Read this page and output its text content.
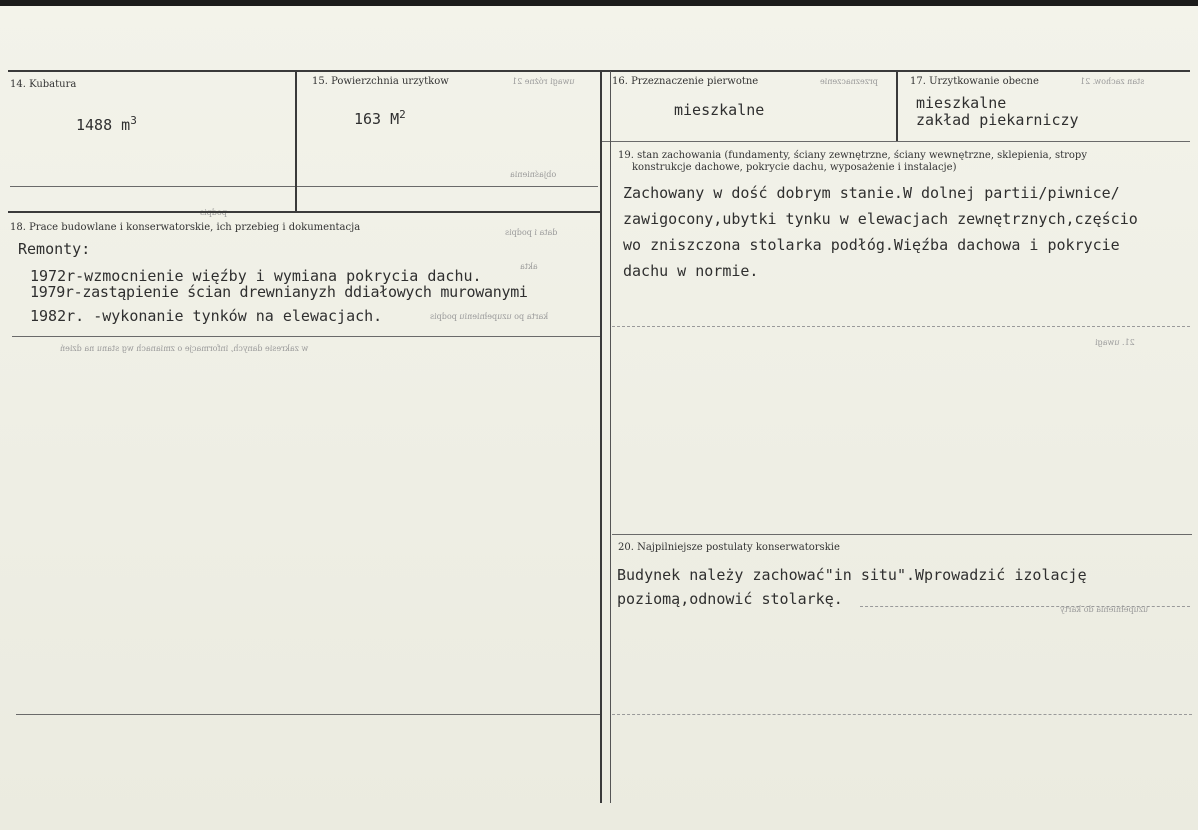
uwagi różne 21	przeznaczenie	stan zachow. 21
objaśnienia
podpis
data i podpis
akta
karta po uzupełnieniu podpis
w zakresie danych, informacje o zmianach wg stanu na dzień
21. uwagi
uzupełnienia do karty
14. Kubatura
1488 $m^3$
15. Powierzchnia urzytkow
163 $M^2$
16. Przeznaczenie pierwotne
mieszkalne
17. Urzytkowanie obecne
mieszkalne
zakład piekarniczy
18. Prace budowlane i konserwatorskie, ich przebieg i dokumentacja
Remonty:
1972r-wzmocnienie więźby i wymiana pokrycia dachu.
1979r-zastąpienie ścian drewnianyzh ddiałowych murowanymi
1982r. -wykonanie tynków na elewacjach.
19. stan zachowania (fundamenty, ściany zewnętrzne, ściany wewnętrzne, sklepienia, stropy
konstrukcje dachowe, pokrycie dachu, wyposażenie i instalacje)
Zachowany w dość dobrym stanie.W dolnej partii/piwnice/
zawigocony,ubytki tynku w elewacjach zewnętrznych,częścio
wo zniszczona stolarka podłóg.Więźba dachowa i pokrycie
dachu w normie.
20. Najpilniejsze postulaty konserwatorskie
Budynek należy zachować"in situ".Wprowadzić izolację
poziomą,odnowić stolarkę.
